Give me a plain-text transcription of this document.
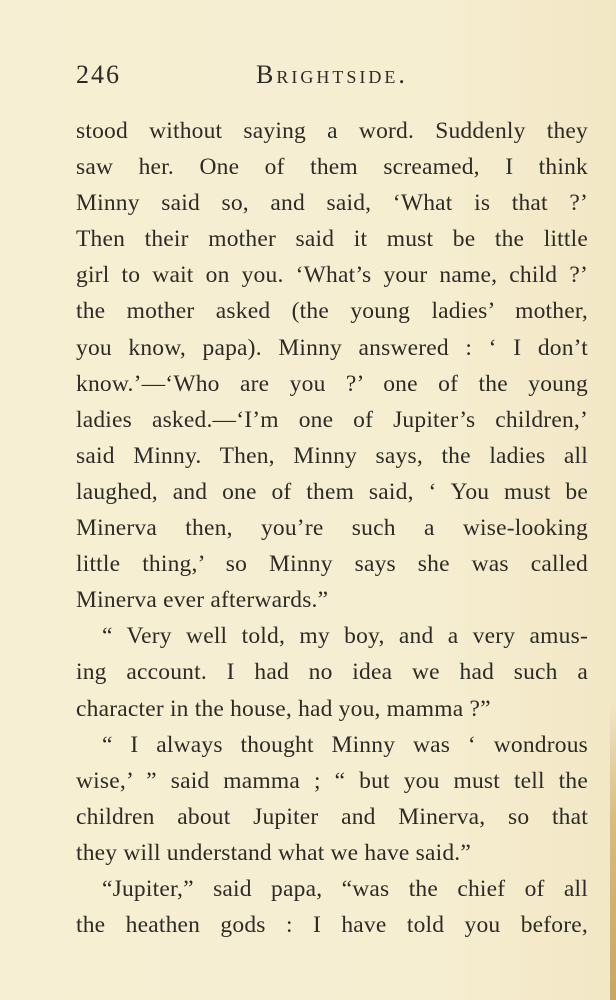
246	Brightside.
stood without saying a word. Suddenly they
saw her. One of them screamed, I think
Minny said so, and said, ‘What is that ?’
Then their mother said it must be the little
girl to wait on you. ‘What’s your name, child ?’
the mother asked (the young ladies’ mother,
you know, papa). Minny answered : ‘ I don’t
know.’—‘Who are you ?’ one of the young
ladies asked.—‘I’m one of Jupiter’s children,’
said Minny. Then, Minny says, the ladies all
laughed, and one of them said, ‘ You must be
Minerva then, you’re such a wise-looking
little thing,’ so Minny says she was called
Minerva ever afterwards.”
“ Very well told, my boy, and a very amus-
ing account. I had no idea we had such a
character in the house, had you, mamma ?”
“ I always thought Minny was ‘ wondrous
wise,’ ” said mamma ; “ but you must tell the
children about Jupiter and Minerva, so that
they will understand what we have said.”
“Jupiter,” said papa, “was the chief of all
the heathen gods : I have told you before,
